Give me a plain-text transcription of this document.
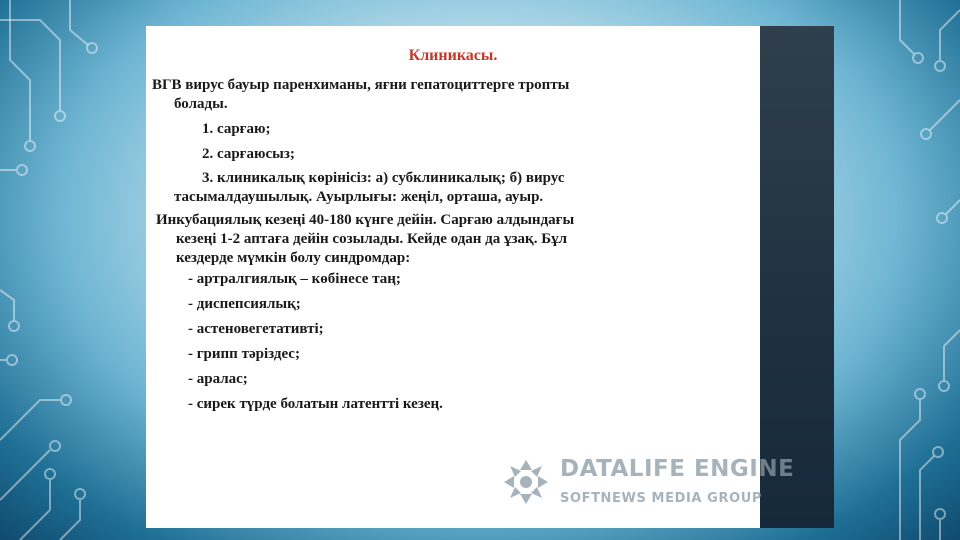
Клиникасы.

ВГВ вирус бауыр паренхиманы, яғни гепатоциттерге тропты

болады.

1. сарғаю;

2. сарғаюсыз;

3. клиникалық көрінісіз: а) субклиникалық; б) вирус

тасымалдаушылық. Ауырлығы: жеңіл, орташа, ауыр.

Инкубациялық кезеңі 40-180 күнге дейін. Сарғаю алдындағы

кезеңі 1-2 аптаға дейін созылады. Кейде одан да ұзақ. Бұл

кездерде мүмкін болу синдромдар:

- артралгиялық – көбінесе таң;

- диспепсиялық;

- астеновегетативті;

- грипп тәріздес;

- аралас;

- сирек түрде болатын латентті кезең.

DATALIFE ENGINE
SOFTNEWS MEDIA GROUP
